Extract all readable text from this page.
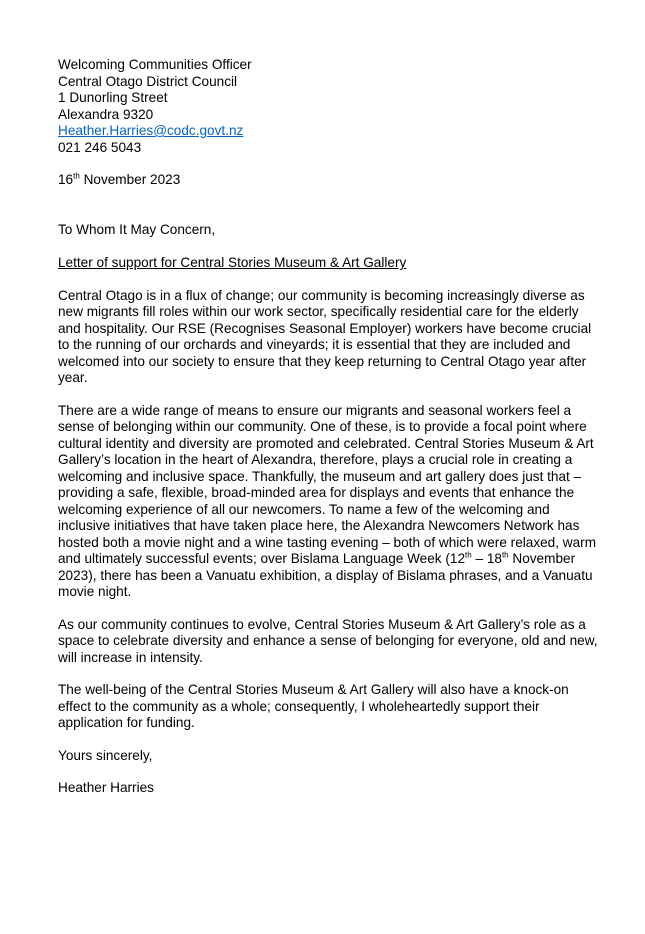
Welcoming Communities Officer
Central Otago District Council
1 Dunorling Street
Alexandra 9320
Heather.Harries@codc.govt.nz
021 246 5043
16th November 2023
To Whom It May Concern,
Letter of support for Central Stories Museum & Art Gallery

Central Otago is in a flux of change; our community is becoming increasingly diverse as new migrants fill roles within our work sector, specifically residential care for the elderly and hospitality. Our RSE (Recognises Seasonal Employer) workers have become crucial to the running of our orchards and vineyards; it is essential that they are included and welcomed into our society to ensure that they keep returning to Central Otago year after year.

There are a wide range of means to ensure our migrants and seasonal workers feel a sense of belonging within our community. One of these, is to provide a focal point where cultural identity and diversity are promoted and celebrated. Central Stories Museum & Art Gallery’s location in the heart of Alexandra, therefore, plays a crucial role in creating a welcoming and inclusive space. Thankfully, the museum and art gallery does just that – providing a safe, flexible, broad-minded area for displays and events that enhance the welcoming experience of all our newcomers. To name a few of the welcoming and inclusive initiatives that have taken place here, the Alexandra Newcomers Network has hosted both a movie night and a wine tasting evening – both of which were relaxed, warm and ultimately successful events; over Bislama Language Week (12th – 18th November 2023), there has been a Vanuatu exhibition, a display of Bislama phrases, and a Vanuatu movie night.

As our community continues to evolve, Central Stories Museum & Art Gallery’s role as a space to celebrate diversity and enhance a sense of belonging for everyone, old and new, will increase in intensity.

The well-being of the Central Stories Museum & Art Gallery will also have a knock-on effect to the community as a whole; consequently, I wholeheartedly support their application for funding.

Yours sincerely,
Heather Harries
